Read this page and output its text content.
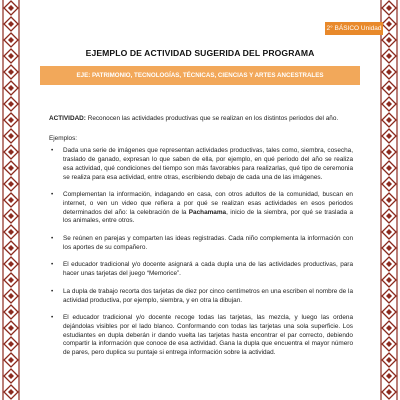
2° BÁSICO Unidad 4
EJEMPLO DE ACTIVIDAD SUGERIDA DEL PROGRAMA
EJE: PATRIMONIO, TECNOLOGÍAS, TÉCNICAS, CIENCIAS Y ARTES ANCESTRALES

ACTIVIDAD: Reconocen las actividades productivas que se realizan en los distintos periodos del año.

Ejemplos:

• Dada una serie de imágenes que representan actividades productivas, tales como, siembra, cosecha, traslado de ganado, expresan lo que saben de ella, por ejemplo, en qué periodo del año se realiza esa actividad, qué condiciones del tiempo son más favorables para realizarlas, qué tipo de ceremonia se realiza para esa actividad, entre otras, escribiendo debajo de cada una de las imágenes.
• Complementan la información, indagando en casa, con otros adultos de la comunidad, buscan en internet, o ven un video que refiera a por qué se realizan esas actividades en esos periodos determinados del año: la celebración de la Pachamama, inicio de la siembra, por qué se traslada a los animales, entre otros.
• Se reúnen en parejas y comparten las ideas registradas. Cada niño complementa la información con los aportes de su compañero.
• El educador tradicional y/o docente asignará a cada dupla una de las actividades productivas, para hacer unas tarjetas del juego “Memorice”.
• La dupla de trabajo recorta dos tarjetas de diez por cinco centímetros en una escriben el nombre de la actividad productiva, por ejemplo, siembra, y en otra la dibujan.
• El educador tradicional y/o docente recoge todas las tarjetas, las mezcla, y luego las ordena dejándolas visibles por el lado blanco. Conformando con todas las tarjetas una sola superficie. Los estudiantes en dupla deberán ir dando vuelta las tarjetas hasta encontrar el par correcto, debiendo compartir la información que conoce de esa actividad. Gana la dupla que encuentra el mayor número de pares, pero duplica su puntaje si entrega información sobre la actividad.
